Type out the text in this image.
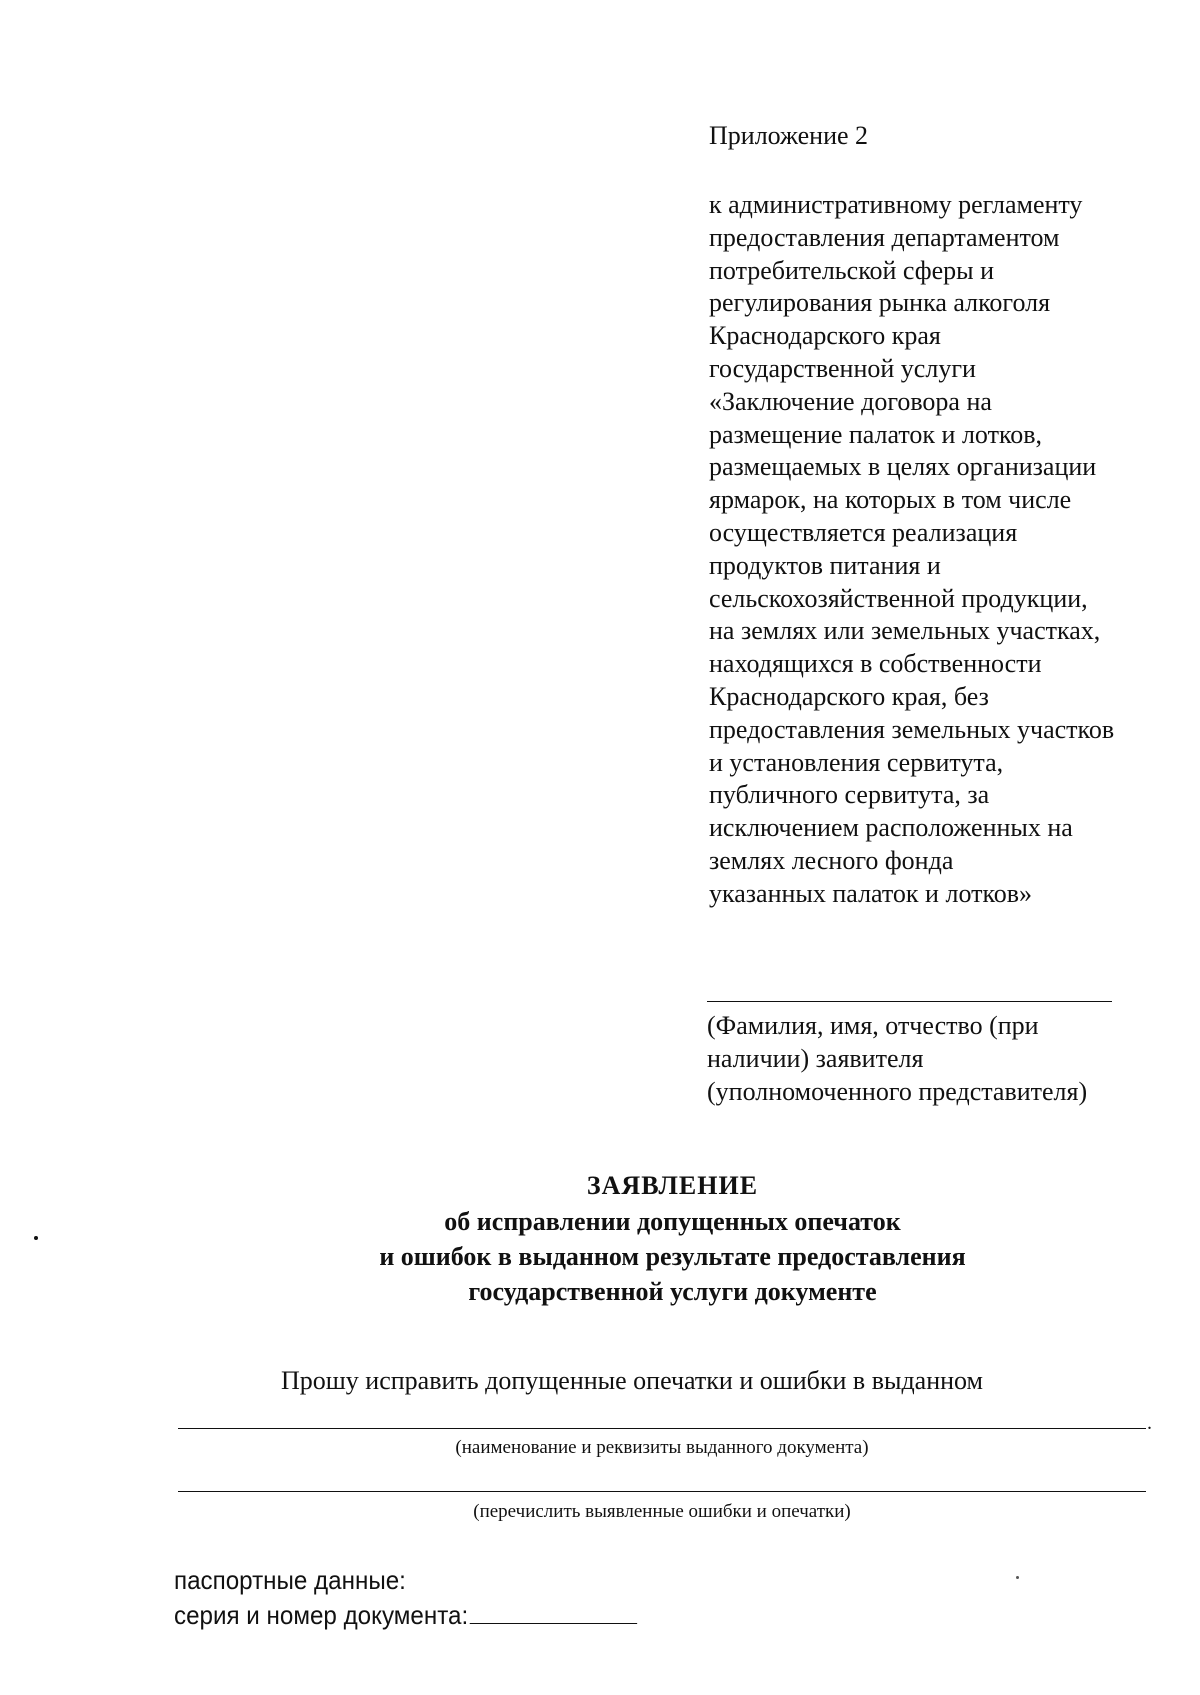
Приложение 2
к административному регламенту
предоставления департаментом
потребительской сферы и
регулирования рынка алкоголя
Краснодарского края
государственной услуги
«Заключение договора на
размещение палаток и лотков,
размещаемых в целях организации
ярмарок, на которых в том числе
осуществляется реализация
продуктов питания и
сельскохозяйственной продукции,
на землях или земельных участках,
находящихся в собственности
Краснодарского края, без
предоставления земельных участков
и установления сервитута,
публичного сервитута, за
исключением расположенных на
землях лесного фонда
указанных палаток и лотков»
(Фамилия, имя, отчество (при
наличии) заявителя
(уполномоченного представителя)
ЗАЯВЛЕНИЕ
об исправлении допущенных опечаток
и ошибок в выданном результате предоставления
государственной услуги документе
Прошу исправить допущенные опечатки и ошибки в выданном
.
(наименование и реквизиты выданного документа)
(перечислить выявленные ошибки и опечатки)
паспортные данные:
серия и номер документа:
